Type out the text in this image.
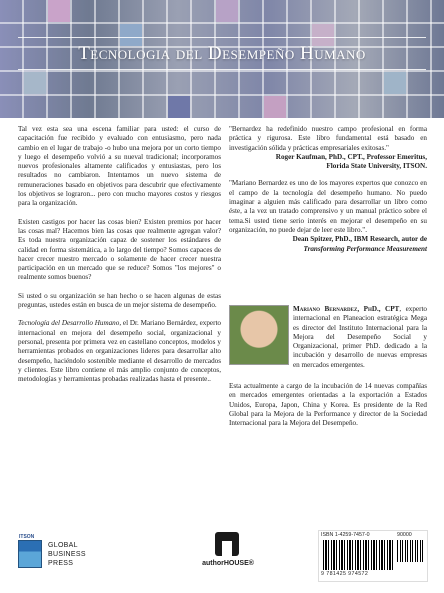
Tecnologia del Desempeño Humano

Tal vez esta sea una escena familiar para usted: el curso de capacitación fue recibido y evaluado con entusiasmo, pero nada cambio en el lugar de trabajo -o hubo una mejora por un corto tiempo y luego el desempeño volvió a su nueval tradicional; incorporamos nuevos profesionales altamente calificados y entusiastas, pero los resultados no cambiaron. Intentamos un nuevo sistema de remuneraciones basado en objetivos para descubrir que efectivamente los objetivos se lograron... pero con mucho mayores costos y riesgos para la organización.

Existen castigos por hacer las cosas bien? Existen premios por hacer las cosas mal? Hacemos bien las cosas que realmente agregan valor? Es toda nuestra organización capaz de sostener los estándares de calidad en forma sistemática, a lo largo del tiempo? Somos capaces de hacer crecer nuestro mercado o solamente de hacer crecer nuestra participación en un mercado que se reduce? Somos "los mejores" o realmente somos buenos?

Si usted o su organización se han hecho o se hacen algunas de estas preguntas, ustedes están en busca de un mejor sistema de desempeño.

Tecnología del Desarrollo Humano, el Dr. Mariano Bernárdez, experto internacional en mejora del desempeño social, organizacional y personal, presenta por primera vez en castellano conceptos, modelos y herramientas probados en organizaciones lideres para desarrollar alto desempeño, haciéndolo sostenible mediante el desarrollo de mercados y clientes. Este libro contiene el más amplio conjunto de conceptos, metodologías y herramientas probadas realizadas hasta el presente..

"Bernardez ha redefinido nuestro campo profesional en forma práctica y rigurosa. Este libro fundamental está basado en investigación sólida y prácticas empresariales exitosas."

Roger Kaufman, PhD., CPT., Professor Emeritus,
Florida State University, ITSON.

"Mariano Bernardez es uno de los mayores expertos que conozco en el campo de la tecnología del desempeño humano. No puedo imaginar a alguien más calificado para desarrollar un libro como éste, a la vez un tratado comprensivo y un manual práctico sobre el tema.Si usted tiene serio interés en mejorar el desempeño en su organización, no puede dejar de leer este libro.".

Dean Spitzer, PhD., IBM Research, autor de
Transforming Performance Measurement
Mariano Bernardez, PhD., CPT, experto internacional en Planeacion estratégica Mega es director del Instituto Internacional para la Mejora del Desempeño Social y Organizacional, primer PhD. dedicado a la incubación y desarrollo de nuevas empresas en mercados emergentes.
Esta actualmente a cargo de la incubación de 14 nuevas compañías en mercados emergentes orientadas a la exportación a Estados Unidos, Europa, Japon, China y Korea. Es presidente de la Red Global para la Mejora de la Performance y director de la Sociedad Internacional para la Mejora del Desempeño.
ITSON
GLOBAL
BUSINESS
PRESS	authorHOUSE®
ISBN 1-4259-7457-0	90000
9 781425 974572
